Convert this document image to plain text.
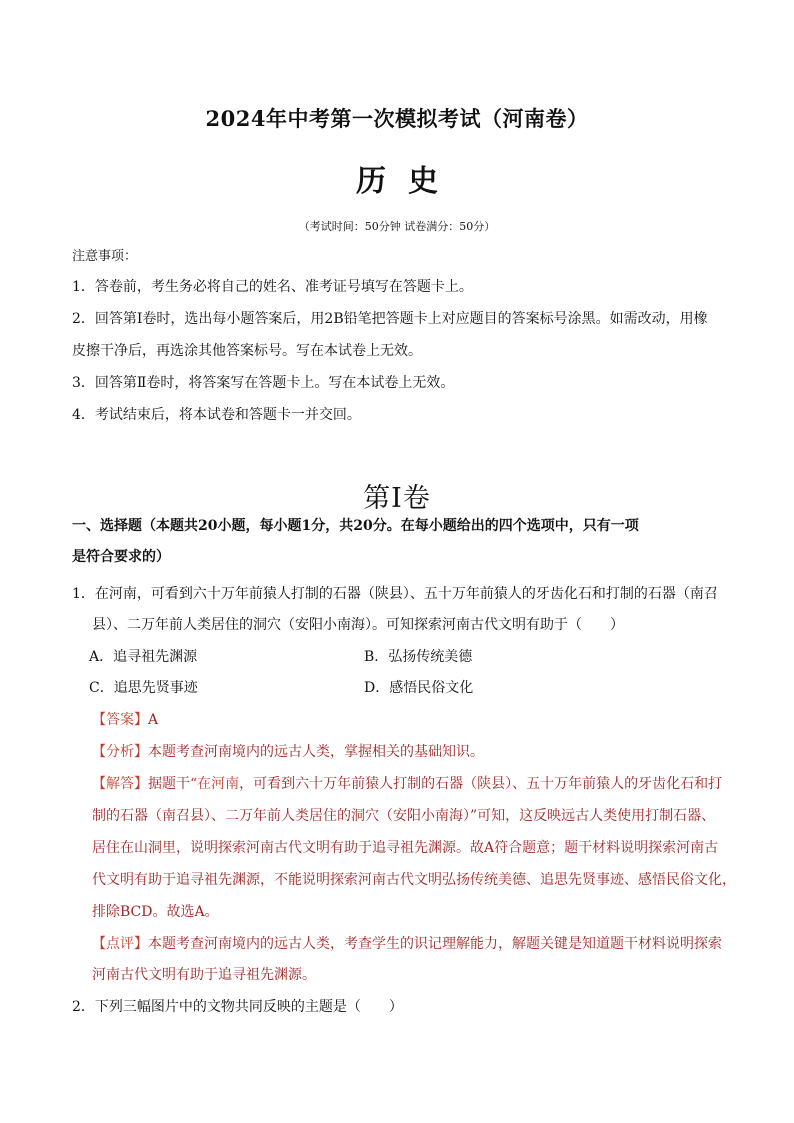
2024年中考第一次模拟考试（河南卷）
历史
（考试时间：50分钟 试卷满分：50分）
注意事项：
1．答卷前，考生务必将自己的姓名、准考证号填写在答题卡上。
2．回答第Ⅰ卷时，选出每小题答案后，用2B铅笔把答题卡上对应题目的答案标号涂黑。如需改动，用橡
皮擦干净后，再选涂其他答案标号。写在本试卷上无效。
3．回答第Ⅱ卷时，将答案写在答题卡上。写在本试卷上无效。
4．考试结束后，将本试卷和答题卡一并交回。
第Ⅰ卷
一、选择题（本题共20小题，每小题1分，共20分。在每小题给出的四个选项中，只有一项
是符合要求的）
1．在河南，可看到六十万年前猿人打制的石器（陕县）、五十万年前猿人的牙齿化石和打制的石器（南召
县）、二万年前人类居住的洞穴（安阳小南海）。可知探索河南古代文明有助于（　　）
A．追寻祖先渊源	B．弘扬传统美德
C．追思先贤事迹	D．感悟民俗文化
【答案】A
【分析】本题考查河南境内的远古人类，掌握相关的基础知识。
【解答】据题干“在河南，可看到六十万年前猿人打制的石器（陕县）、五十万年前猿人的牙齿化石和打
制的石器（南召县）、二万年前人类居住的洞穴（安阳小南海）”可知，这反映远古人类使用打制石器、
居住在山洞里，说明探索河南古代文明有助于追寻祖先渊源。故A符合题意；题干材料说明探索河南古
代文明有助于追寻祖先渊源，不能说明探索河南古代文明弘扬传统美德、追思先贤事迹、感悟民俗文化，
排除BCD。故选A。
【点评】本题考查河南境内的远古人类，考查学生的识记理解能力，解题关键是知道题干材料说明探索
河南古代文明有助于追寻祖先渊源。
2．下列三幅图片中的文物共同反映的主题是（　　）
